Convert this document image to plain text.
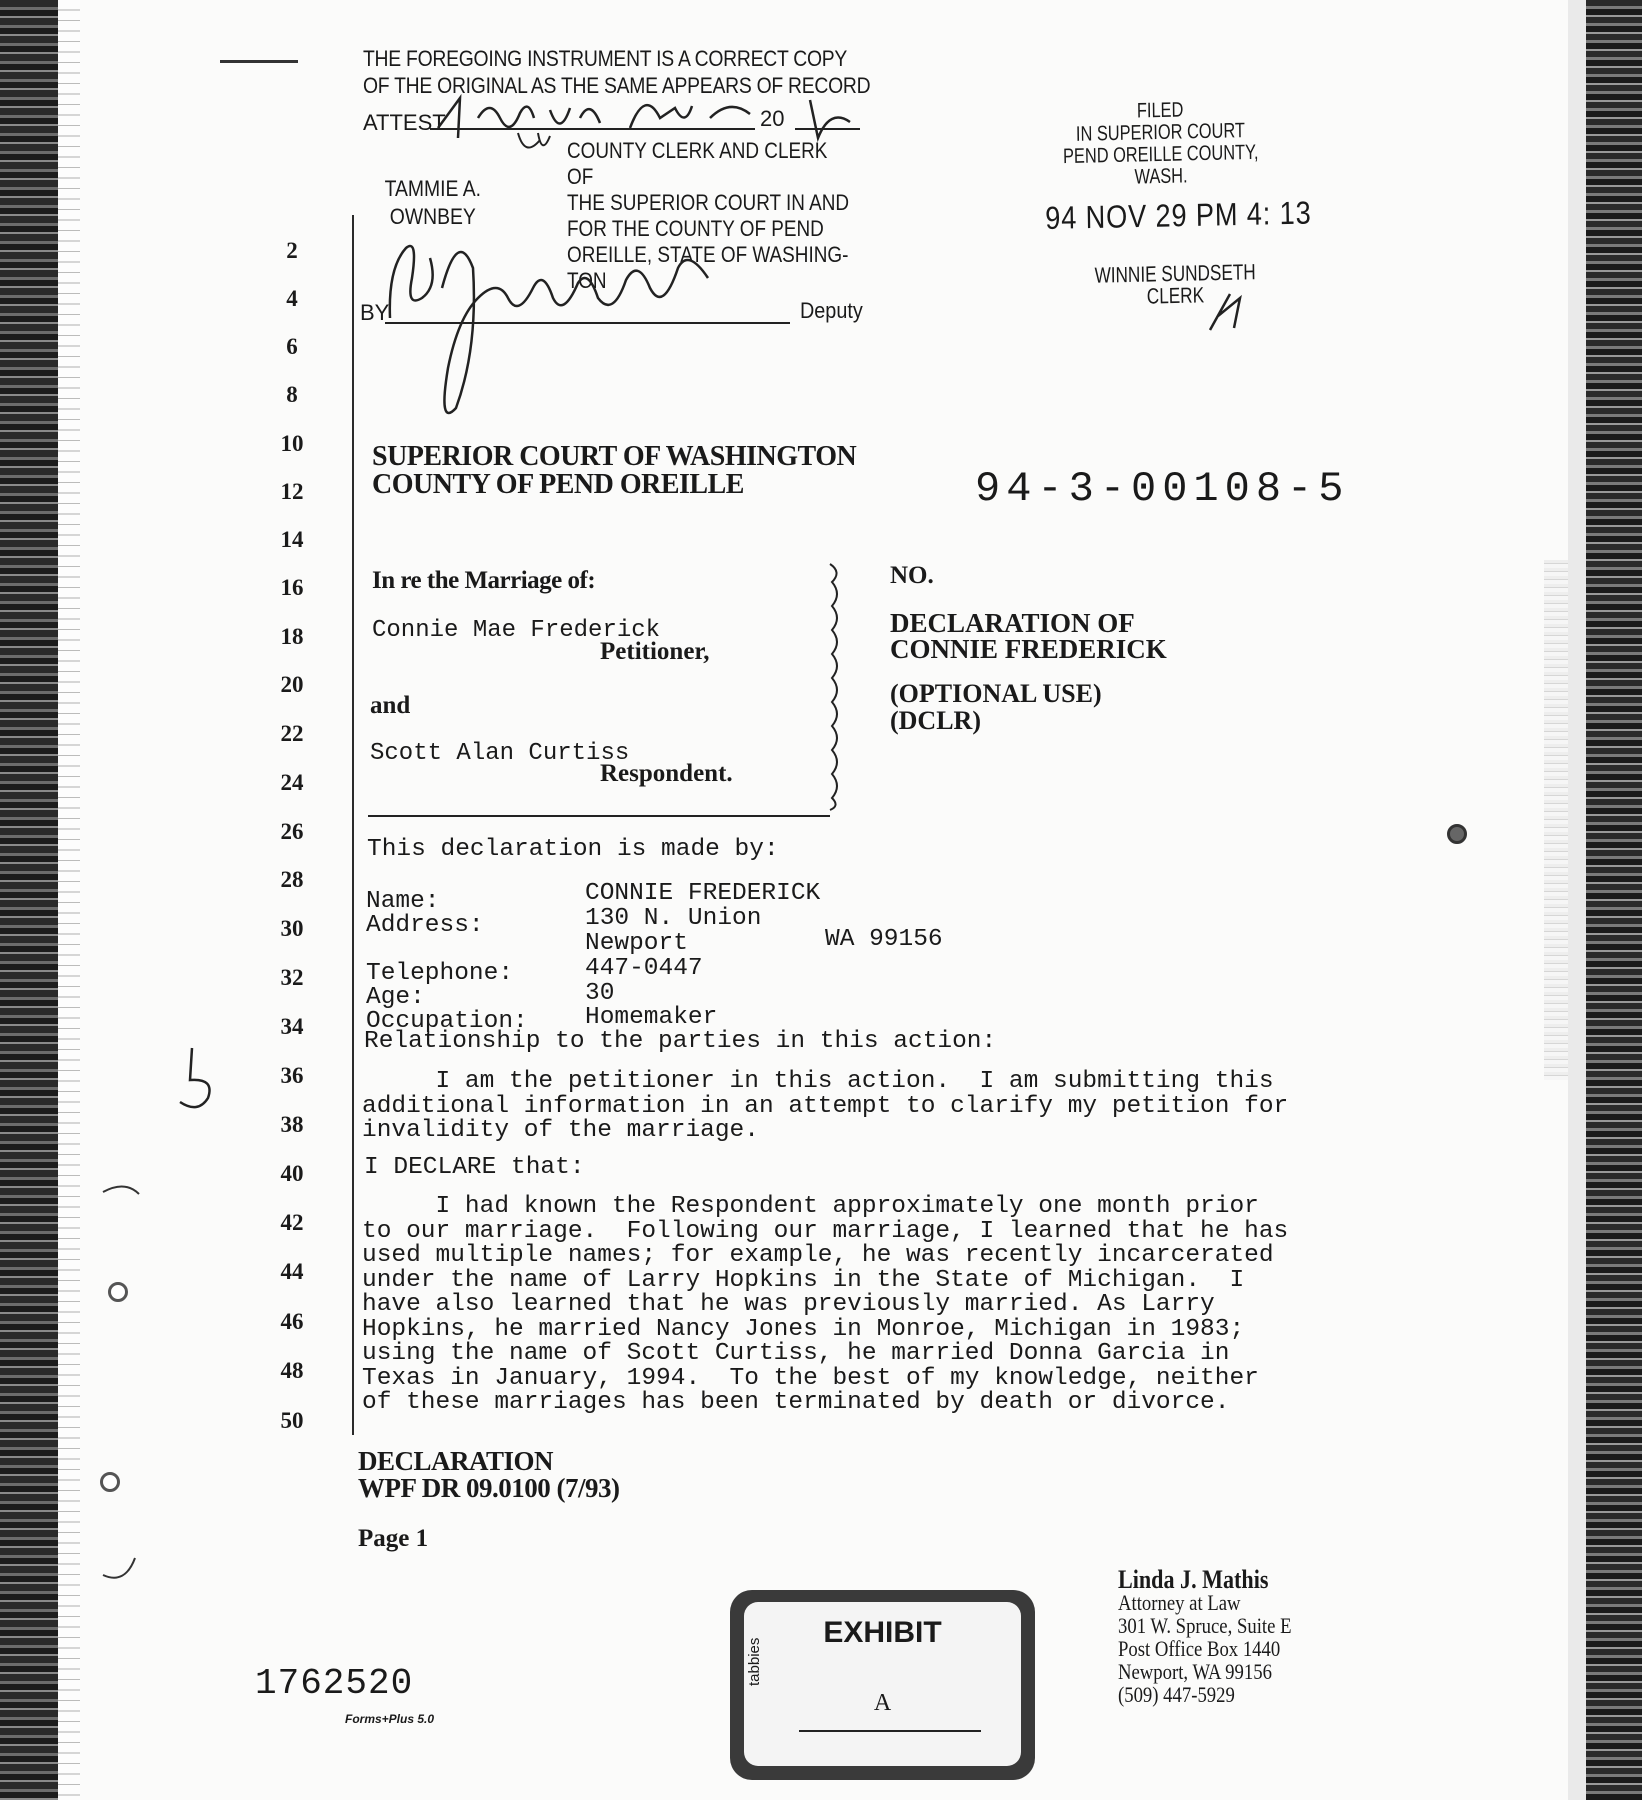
THE FOREGOING INSTRUMENT IS A CORRECT COPY
OF THE ORIGINAL AS THE SAME APPEARS OF RECORD
ATTEST	20
COUNTY CLERK AND CLERK OF
THE SUPERIOR COURT IN AND
FOR THE COUNTY OF PEND
OREILLE, STATE OF WASHING-
TON
TAMMIE A.
OWNBEY
BY	Deputy
FILED
IN SUPERIOR COURT
PEND OREILLE COUNTY, WASH.
94 NOV 29 PM 4: 13
WINNIE SUNDSETH
CLERK
2
4
6
8
10
12
14
16
18
20
22
24
26
28
30
32
34
36
38
40
42
44
46
48
50
SUPERIOR COURT OF WASHINGTON
COUNTY OF PEND OREILLE	94-3-00108-5
In re the Marriage of:
Connie Mae Frederick
Petitioner,
and
Scott Alan Curtiss
Respondent.
NO.
DECLARATION OF
CONNIE FREDERICK
(OPTIONAL USE)
(DCLR)
This declaration is made by:
Name:	CONNIE FREDERICK
Address:	130 N. Union
Newport	WA 99156
Telephone:	447-0447
Age:	30
Occupation: Homemaker
Relationship to the parties in this action:
I am the petitioner in this action.  I am submitting this
additional information in an attempt to clarify my petition for
invalidity of the marriage.
I DECLARE that:
I had known the Respondent approximately one month prior
to our marriage.  Following our marriage, I learned that he has
used multiple names; for example, he was recently incarcerated
under the name of Larry Hopkins in the State of Michigan.  I
have also learned that he was previously married. As Larry
Hopkins, he married Nancy Jones in Monroe, Michigan in 1983;
using the name of Scott Curtiss, he married Donna Garcia in
Texas in January, 1994.  To the best of my knowledge, neither
of these marriages has been terminated by death or divorce.
DECLARATION
WPF DR 09.0100 (7/93)
Page 1
Linda J. Mathis
Attorney at Law
301 W. Spruce, Suite E
Post Office Box 1440
Newport, WA 99156
(509) 447-5929
EXHIBIT
tabbies
A
1762520
Forms+Plus 5.0
